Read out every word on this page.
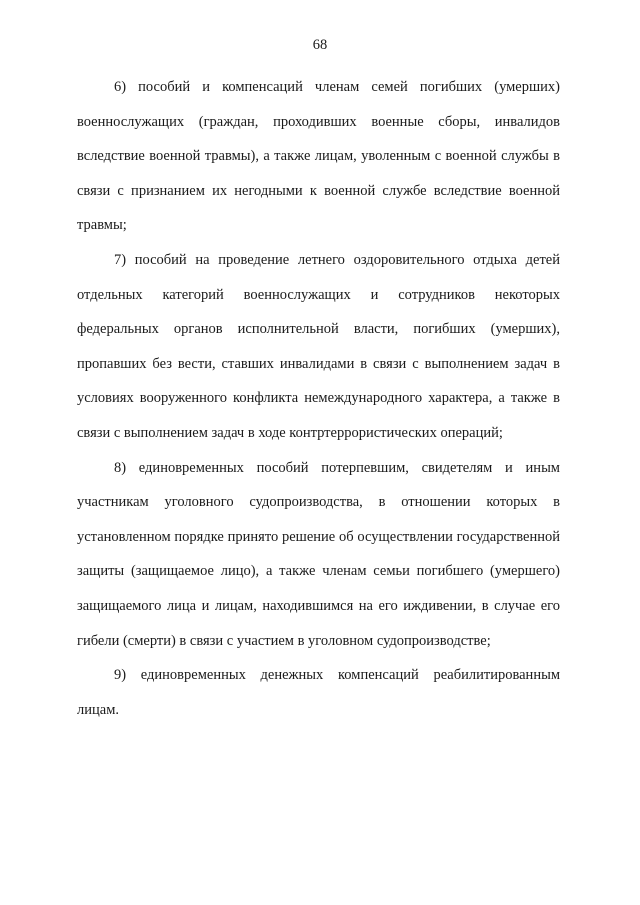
68

6) пособий и компенсаций членам семей погибших (умерших) военнослужащих (граждан, проходивших военные сборы, инвалидов вследствие военной травмы), а также лицам, уволенным с военной службы в связи с признанием их негодными к военной службе вследствие военной травмы;

7) пособий на проведение летнего оздоровительного отдыха детей отдельных категорий военнослужащих и сотрудников некоторых федеральных органов исполнительной власти, погибших (умерших), пропавших без вести, ставших инвалидами в связи с выполнением задач в условиях вооруженного конфликта немеждународного характера, а также в связи с выполнением задач в ходе контртеррористических операций;

8) единовременных пособий потерпевшим, свидетелям и иным участникам уголовного судопроизводства, в отношении которых в установленном порядке принято решение об осуществлении государственной защиты (защищаемое лицо), а также членам семьи погибшего (умершего) защищаемого лица и лицам, находившимся на его иждивении, в случае его гибели (смерти) в связи с участием в уголовном судопроизводстве;

9) единовременных денежных компенсаций реабилитированным лицам.
